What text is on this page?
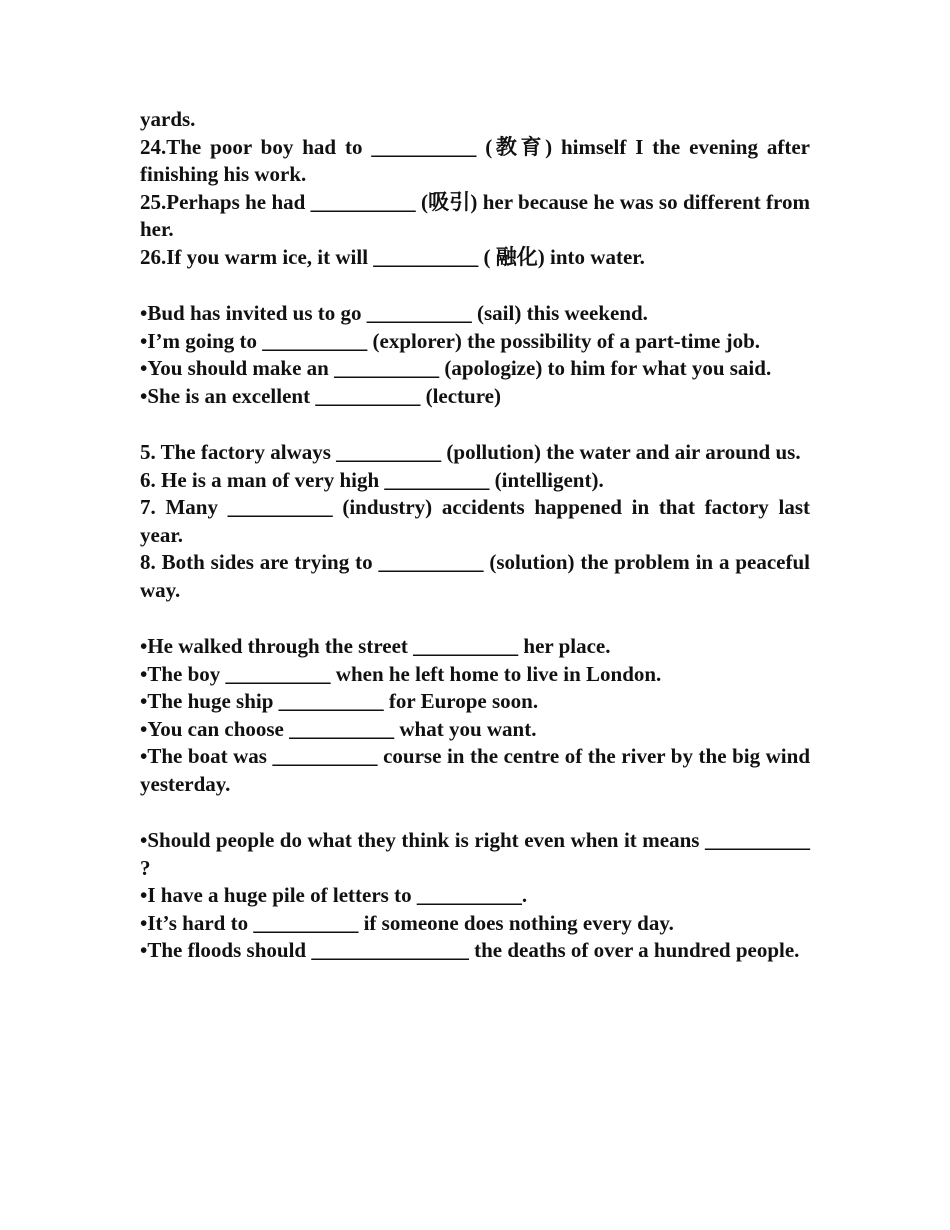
yards.

24.The poor boy had to __________ (教育) himself I the evening after finishing his work.

25.Perhaps he had __________ (吸引) her because he was so different from her.

26.If you warm ice, it will __________ ( 融化) into water.

•Bud has invited us to go __________ (sail) this weekend.

•I’m going to __________ (explorer) the possibility of a part-time job.

•You should make an __________ (apologize) to him for what you said.

•She is an excellent __________ (lecture)

5. The factory always __________ (pollution) the water and air around us.

6. He is a man of very high __________ (intelligent).

7. Many __________ (industry) accidents happened in that factory last year.

8. Both sides are trying to __________ (solution) the problem in a peaceful way.

•He walked through the street __________ her place.

•The boy __________ when he left home to live in London.

•The huge ship __________ for Europe soon.

•You can choose __________ what you want.

•The boat was __________ course in the centre of the river by the big wind yesterday.

•Should people do what they think is right even when it means __________ ?

•I have a huge pile of letters to __________.

•It’s hard to __________ if someone does nothing every day.

•The floods should _______________ the deaths of over a hundred people.
